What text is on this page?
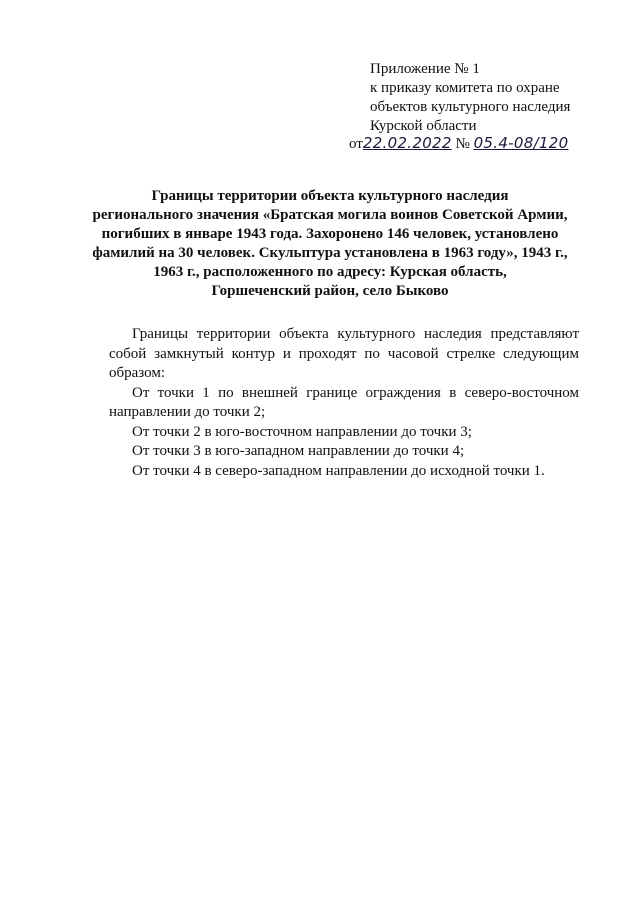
Приложение № 1
к приказу комитета по охране
объектов культурного наследия
Курской области
от22.02.2022 № 05.4-08/120
Границы территории объекта культурного наследия
регионального значения «Братская могила воинов Советской Армии,
погибших в январе 1943 года. Захоронено 146 человек, установлено
фамилий на 30 человек. Скульптура установлена в 1963 году», 1943 г.,
1963 г., расположенного по адресу: Курская область,
Горшеченский район, село Быково

Границы территории объекта культурного наследия представляют собой замкнутый контур и проходят по часовой стрелке следующим образом:

От точки 1 по внешней границе ограждения в северо-восточном направлении до точки 2;

От точки 2 в юго-восточном направлении до точки 3;

От точки 3 в юго-западном направлении до точки 4;

От точки 4 в северо-западном направлении до исходной точки 1.
